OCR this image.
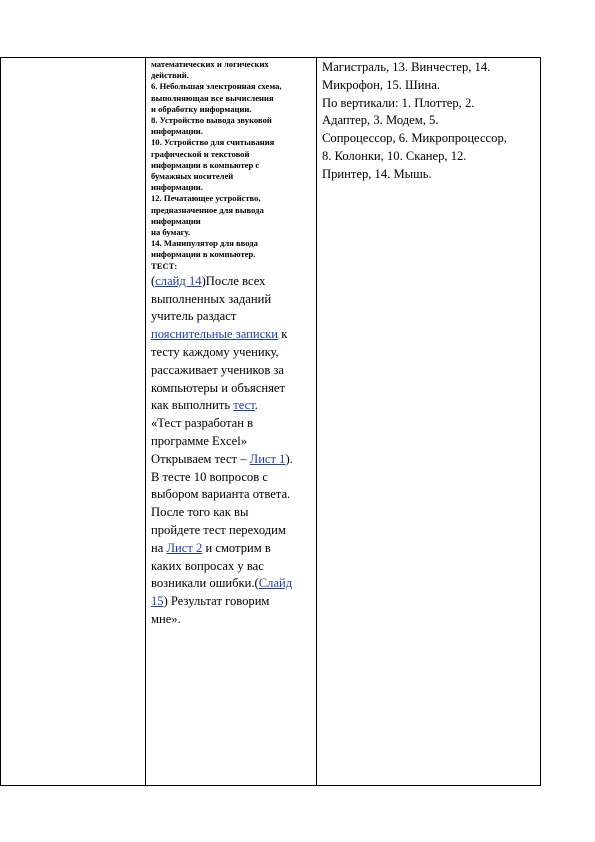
математических и логических
действий.
6. Небольшая электронная схема,
выполняющая все вычисления
и обработку информации.
8. Устройство вывода звуковой
информации.
10. Устройство для считывания
графической и текстовой
информации в компьютер с
бумажных носителей
информации.
12. Печатающее устройство,
предназначенное для вывода
информации
на бумагу.
14. Манипулятор для ввода
информации в компьютер.
ТЕСТ:
(слайд 14)После всех
выполненных заданий
учитель раздаст
пояснительные записки к
тесту каждому ученику,
рассаживает учеников за
компьютеры и объясняет
как выполнить тест.
«Тест разработан в
программе Excel»
Открываем тест – Лист 1).
В тесте 10 вопросов с
выбором варианта ответа.
После того как вы
пройдете тест переходим
на Лист 2 и смотрим в
каких вопросах у вас
возникали ошибки.(Слайд
15) Результат говорим
мне».

Магистраль, 13. Винчестер, 14.
Микрофон, 15. Шина.
По вертикали: 1. Плоттер, 2.
Адаптер, 3. Модем, 5.
Сопроцессор, 6. Микропроцессор,
8. Колонки, 10. Сканер, 12.
Принтер, 14. Мышь.
